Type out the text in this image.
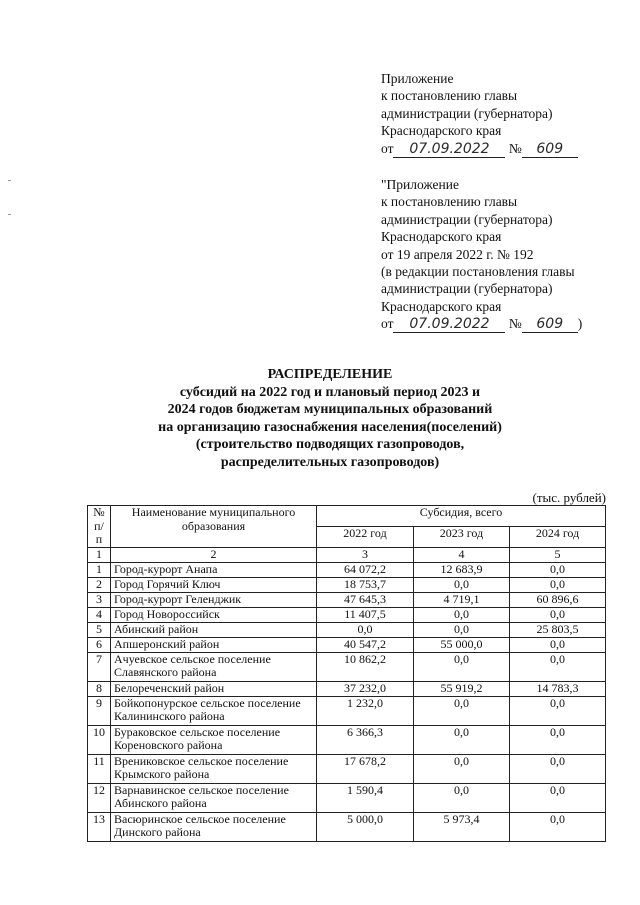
Приложение
к постановлению главы
администрации (губернатора)
Краснодарского края
от 07.09.2022 № 609
"Приложение
к постановлению главы
администрации (губернатора)
Краснодарского края
от 19 апреля 2022 г. № 192
(в редакции постановления главы
администрации (губернатора)
Краснодарского края
от 07.09.2022 № 609 )
РАСПРЕДЕЛЕНИЕ
субсидий на 2022 год и плановый период 2023 и
2024 годов бюджетам муниципальных образований
на организацию газоснабжения населения(поселений)
(строительство подводящих газопроводов,
распределительных газопроводов)
(тыс. рублей)
№ п/п	Наименование муниципального образования	Субсидия, всего		
		2022 год	2023 год	2024 год
1	2	3	4	5
1	Город-курорт Анапа	64 072,2	12 683,9	0,0
2	Город Горячий Ключ	18 753,7	0,0	0,0
3	Город-курорт Геленджик	47 645,3	4 719,1	60 896,6
4	Город Новороссийск	11 407,5	0,0	0,0
5	Абинский район	0,0	0,0	25 803,5
6	Апшеронский район	40 547,2	55 000,0	0,0
7	Ачуевское сельское поселение Славянского района	10 862,2	0,0	0,0
8	Белореченский район	37 232,0	55 919,2	14 783,3
9	Бойкопонурское сельское поселение Калининского района	1 232,0	0,0	0,0
10	Бураковское сельское поселение Кореновского района	6 366,3	0,0	0,0
11	Врениковское сельское поселение Крымского района	17 678,2	0,0	0,0
12	Варнавинское сельское поселение Абинского района	1 590,4	0,0	0,0
13	Васюринское сельское поселение Динского района	5 000,0	5 973,4	0,0
